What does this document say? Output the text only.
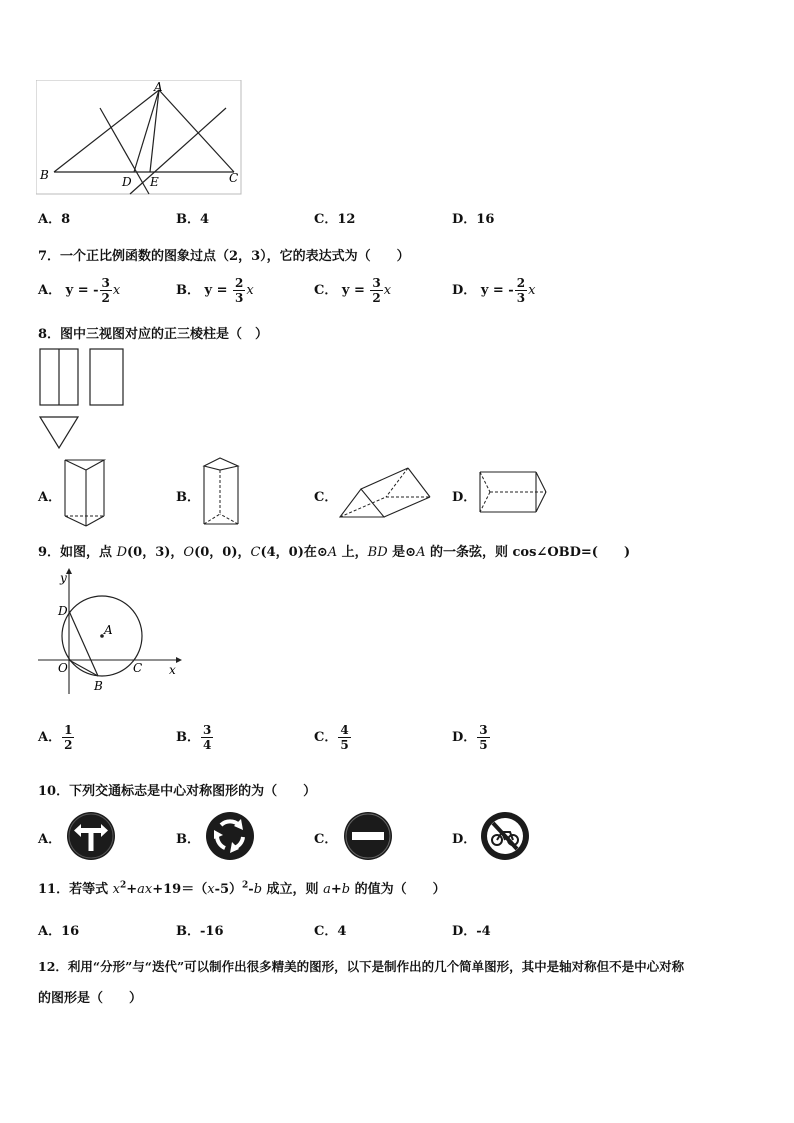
A
B	D E	C
A．8	B．4	C．12	D．16
7．一个正比例函数的图象过点（2，3），它的表达式为（　　）
A． y = - $\frac{3}{2}$ x	B． $y = \frac{2}{3}$ x	C． $y = \frac{3}{2}$ x	D． y = - $\frac{2}{3}$ x
8．图中三视图对应的正三棱柱是（　）
A．	B．	C．	D．
9．如图，点 D(0，3)，O(0，0)，C(4，0)在⊙A 上，BD 是⊙A 的一条弦，则 cos∠OBD=(　　)
y
x
D
A
O
B
C
A． $\frac{1}{2}$	B． $\frac{3}{4}$	C． $\frac{4}{5}$	D． $\frac{3}{5}$
10．下列交通标志是中心对称图形的为（　　）
A．	B．	C．	D．
11．若等式 $x^2+ax+19=(x-5)^2-b$ 成立，则 a+b 的值为（　　）
A．16	B．-16	C．4	D．-4
12．利用“分形”与“迭代”可以制作出很多精美的图形，以下是制作出的几个简单图形，其中是轴对称但不是中心对称
的图形是（　　）
